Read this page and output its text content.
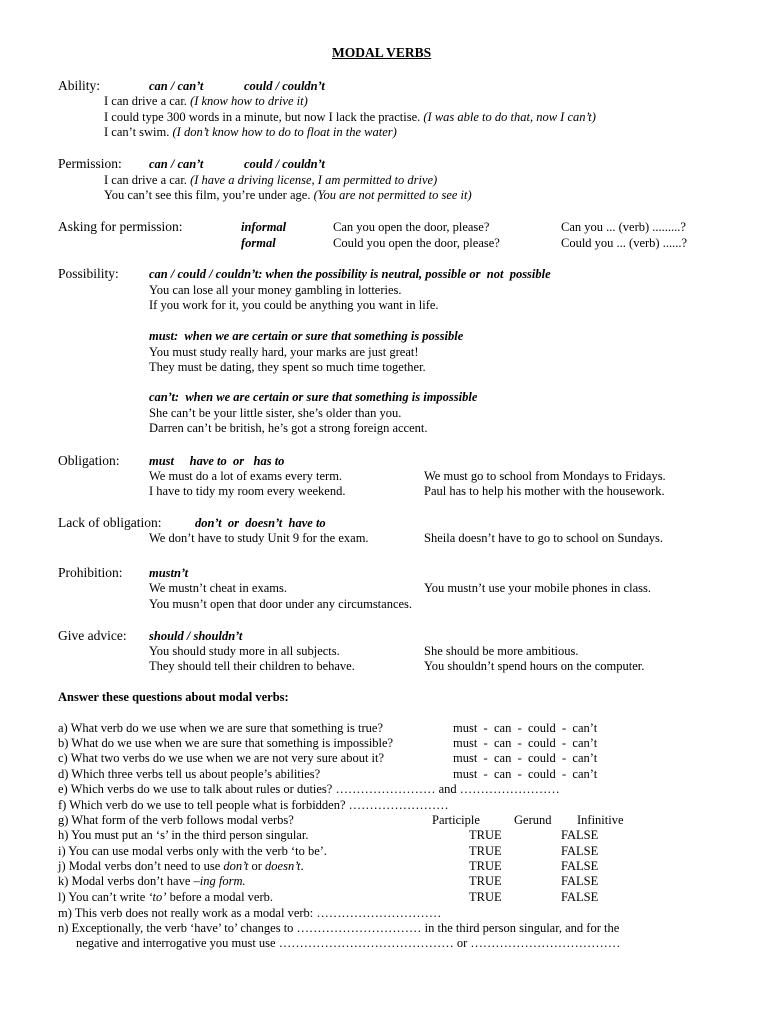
MODAL VERBS
Ability:	can / can’t	could / couldn’t
I can drive a car. (I know how to drive it)
I could type 300 words in a minute, but now I lack the practise. (I was able to do that, now I can’t)
I can’t swim. (I don’t know how to do to float in the water)
Permission: can / can’t	could / couldn’t
I can drive a car. (I have a driving license, I am permitted to drive)
You can’t see this film, you’re under age. (You are not permitted to see it)
Asking for permission:	informal	Can you open the door, please?	Can you ... (verb) .........?
formal	Could you open the door, please?	Could you ... (verb) ......?
Possibility: can / could / couldn’t: when the possibility is neutral, possible or  not  possible
You can lose all your money gambling in lotteries.
If you work for it, you could be anything you want in life.
must:  when we are certain or sure that something is possible
You must study really hard, your marks are just great!
They must be dating, they spent so much time together.
can’t:  when we are certain or sure that something is impossible
She can’t be your little sister, she’s older than you.
Darren can’t be british, he’s got a strong foreign accent.
Obligation: must     have to  or   has to
We must do a lot of exams every term.	We must go to school from Mondays to Fridays.
I have to tidy my room every weekend.	Paul has to help his mother with the housework.
Lack of obligation:	don’t  or  doesn’t  have to
We don’t have to study Unit 9 for the exam.	Sheila doesn’t have to go to school on Sundays.
Prohibition: mustn’t
We mustn’t cheat in exams.	You mustn’t use your mobile phones in class.
You musn’t open that door under any circumstances.
Give advice: should / shouldn’t
You should study more in all subjects.	She should be more ambitious.
They should tell their children to behave.	You shouldn’t spend hours on the computer.
Answer these questions about modal verbs:
a) What verb do we use when we are sure that something is true?	must  -  can  -  could  -  can’t
b) What do we use when we are sure that something is impossible?	must  -  can  -  could  -  can’t
c) What two verbs do we use when we are not very sure about it?	must  -  can  -  could  -  can’t
d) Which three verbs tell us about people’s abilities?	must  -  can  -  could  -  can’t
e) Which verbs do we use to talk about rules or duties? …………………… and ……………………
f) Which verb do we use to tell people what is forbidden? ……………………
g) What form of the verb follows modal verbs?	Participle	Gerund Infinitive
h) You must put an ‘s’ in the third person singular.	TRUE	FALSE
i) You can use modal verbs only with the verb ‘to be’.	TRUE	FALSE
j) Modal verbs don’t need to use don’t or doesn’t.	TRUE	FALSE
k) Modal verbs don’t have –ing form.	TRUE	FALSE
l) You can’t write ‘to’ before a modal verb.	TRUE	FALSE
m) This verb does not really work as a modal verb: …………………………
n) Exceptionally, the verb ‘have’ to’ changes to ………………………… in the third person singular, and for the
negative and interrogative you must use …………………………………… or ………………………………
